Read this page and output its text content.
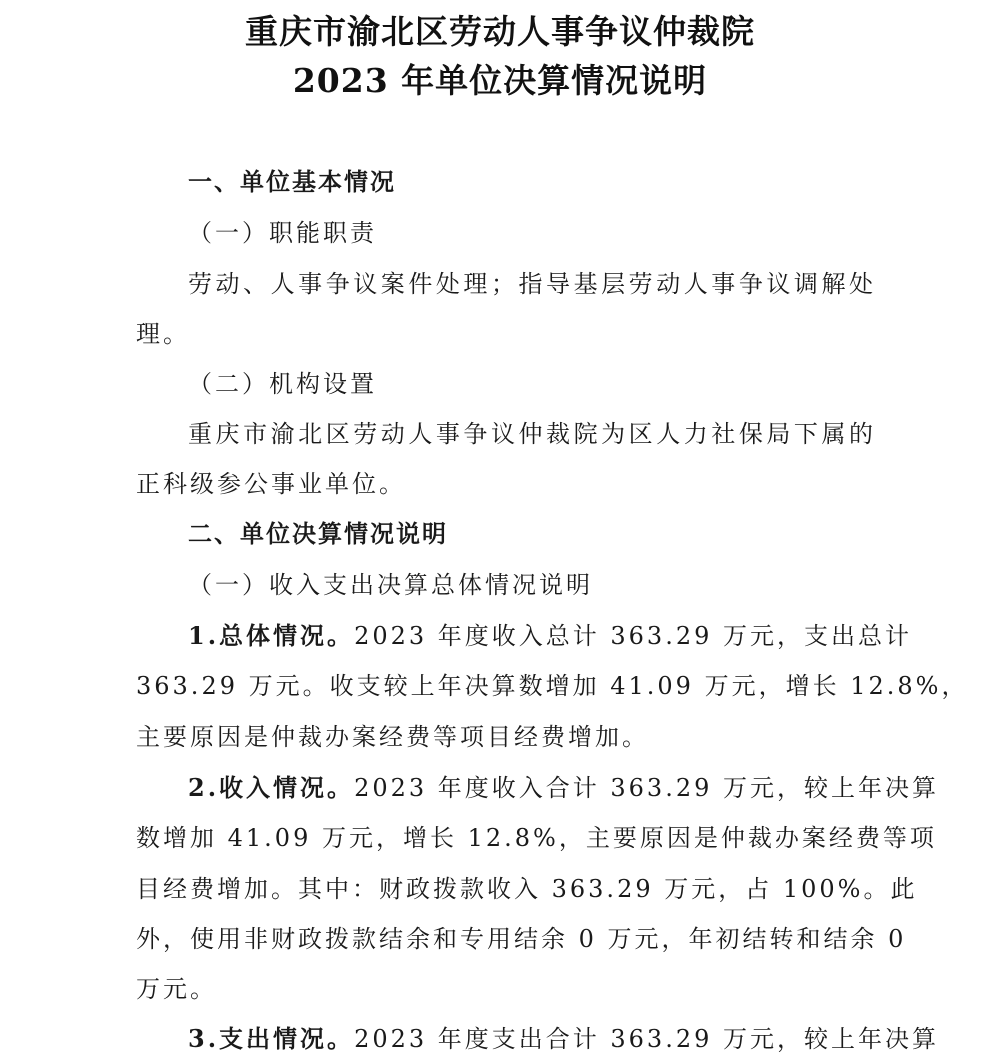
重庆市渝北区劳动人事争议仲裁院
2023 年单位决算情况说明
一、单位基本情况
（一）职能职责
劳动、人事争议案件处理；指导基层劳动人事争议调解处
理。
（二）机构设置
重庆市渝北区劳动人事争议仲裁院为区人力社保局下属的
正科级参公事业单位。
二、单位决算情况说明
（一）收入支出决算总体情况说明
1.总体情况。2023 年度收入总计 363.29 万元，支出总计
363.29 万元。收支较上年决算数增加 41.09 万元，增长 12.8%，
主要原因是仲裁办案经费等项目经费增加。
2.收入情况。2023 年度收入合计 363.29 万元，较上年决算
数增加 41.09 万元，增长 12.8%，主要原因是仲裁办案经费等项
目经费增加。其中：财政拨款收入 363.29 万元，占 100%。此
外，使用非财政拨款结余和专用结余 0 万元，年初结转和结余 0
万元。
3.支出情况。2023 年度支出合计 363.29 万元，较上年决算
